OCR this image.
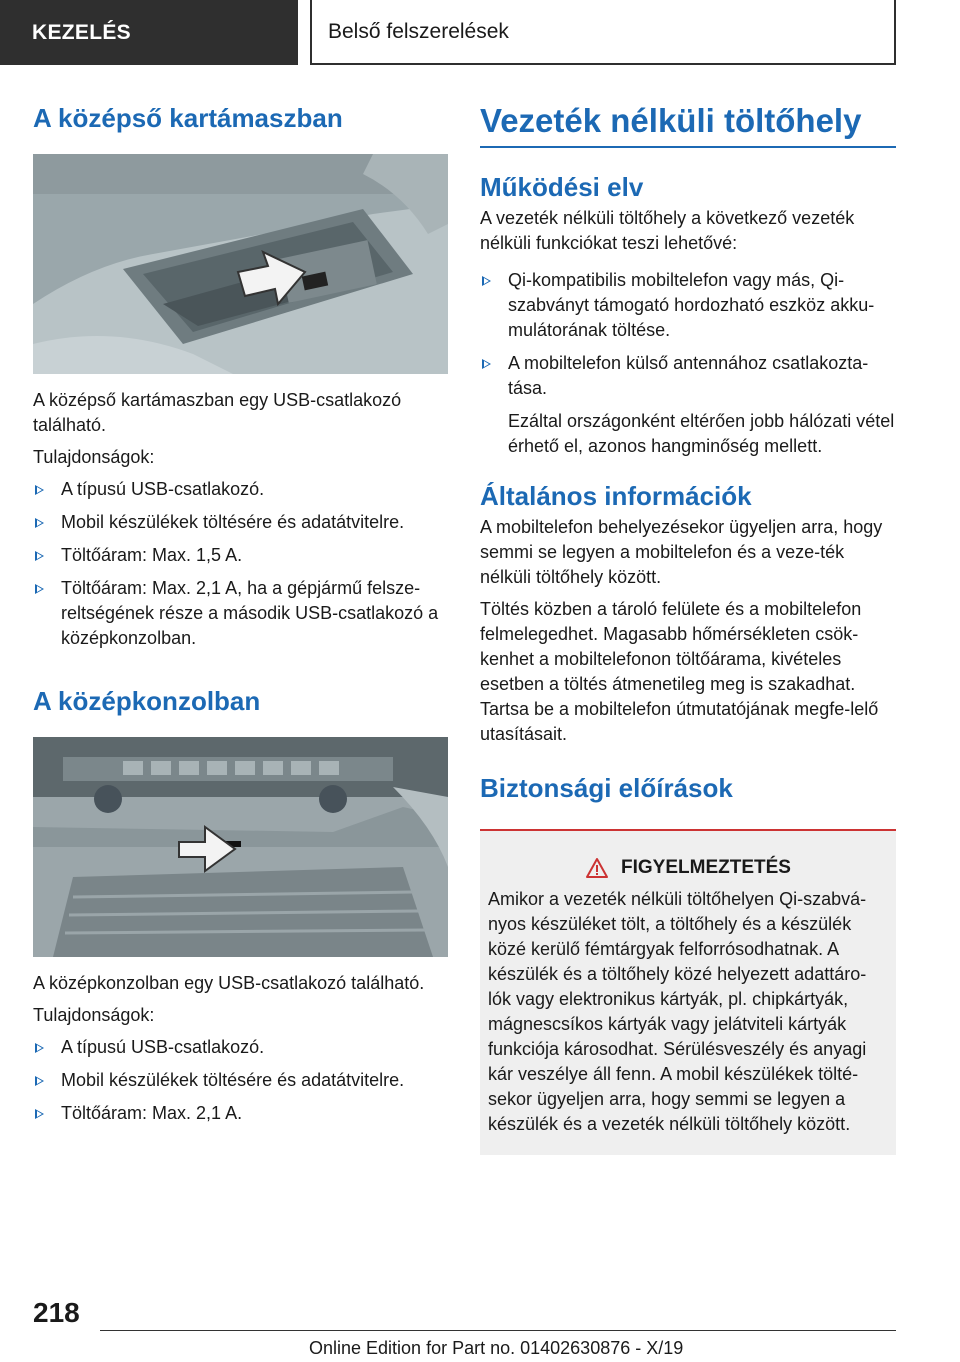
KEZELÉS	Belső felszerelések
A középső kartámaszban

A középső kartámaszban egy USB-csatlakozó található.

Tulajdonságok:

A típusú USB-csatlakozó.
Mobil készülékek töltésére és adatátvitelre.
Töltőáram: Max. 1,5 A.
Töltőáram: Max. 2,1 A, ha a gépjármű felsze-reltségének része a második USB-csatlakozó a középkonzolban.
A középkonzolban

A középkonzolban egy USB-csatlakozó található.

Tulajdonságok:

A típusú USB-csatlakozó.
Mobil készülékek töltésére és adatátvitelre.
Töltőáram: Max. 2,1 A.
Vezeték nélküli töltőhely
Működési elv

A vezeték nélküli töltőhely a következő vezeték nélküli funkciókat teszi lehetővé:

Qi-kompatibilis mobiltelefon vagy más, Qi-szabványt támogató hordozható eszköz akku-mulátorának töltése.
A mobiltelefon külső antennához csatlakozta-tása.

Ezáltal országonként eltérően jobb hálózati vétel érhető el, azonos hangminőség mellett.

Általános információk

A mobiltelefon behelyezésekor ügyeljen arra, hogy semmi se legyen a mobiltelefon és a veze-ték nélküli töltőhely között.

Töltés közben a tároló felülete és a mobiltelefon felmelegedhet. Magasabb hőmérsékleten csök-kenhet a mobiltelefonon töltőárama, kivételes esetben a töltés átmenetileg meg is szakadhat. Tartsa be a mobiltelefon útmutatójának megfe-lelő utasításait.

Biztonsági előírások
FIGYELMEZTETÉS

Amikor a vezeték nélküli töltőhelyen Qi-szabvá-nyos készüléket tölt, a töltőhely és a készülék közé kerülő fémtárgyak felforrósodhatnak. A készülék és a töltőhely közé helyezett adattáro-lók vagy elektronikus kártyák, pl. chipkártyák, mágnescsíkos kártyák vagy jelátviteli kártyák funkciója károsodhat. Sérülésveszély és anyagi kár veszélye áll fenn. A mobil készülékek tölté-sekor ügyeljen arra, hogy semmi se legyen a készülék és a vezeték nélküli töltőhely között.

218
Online Edition for Part no. 01402630876 - X/19
